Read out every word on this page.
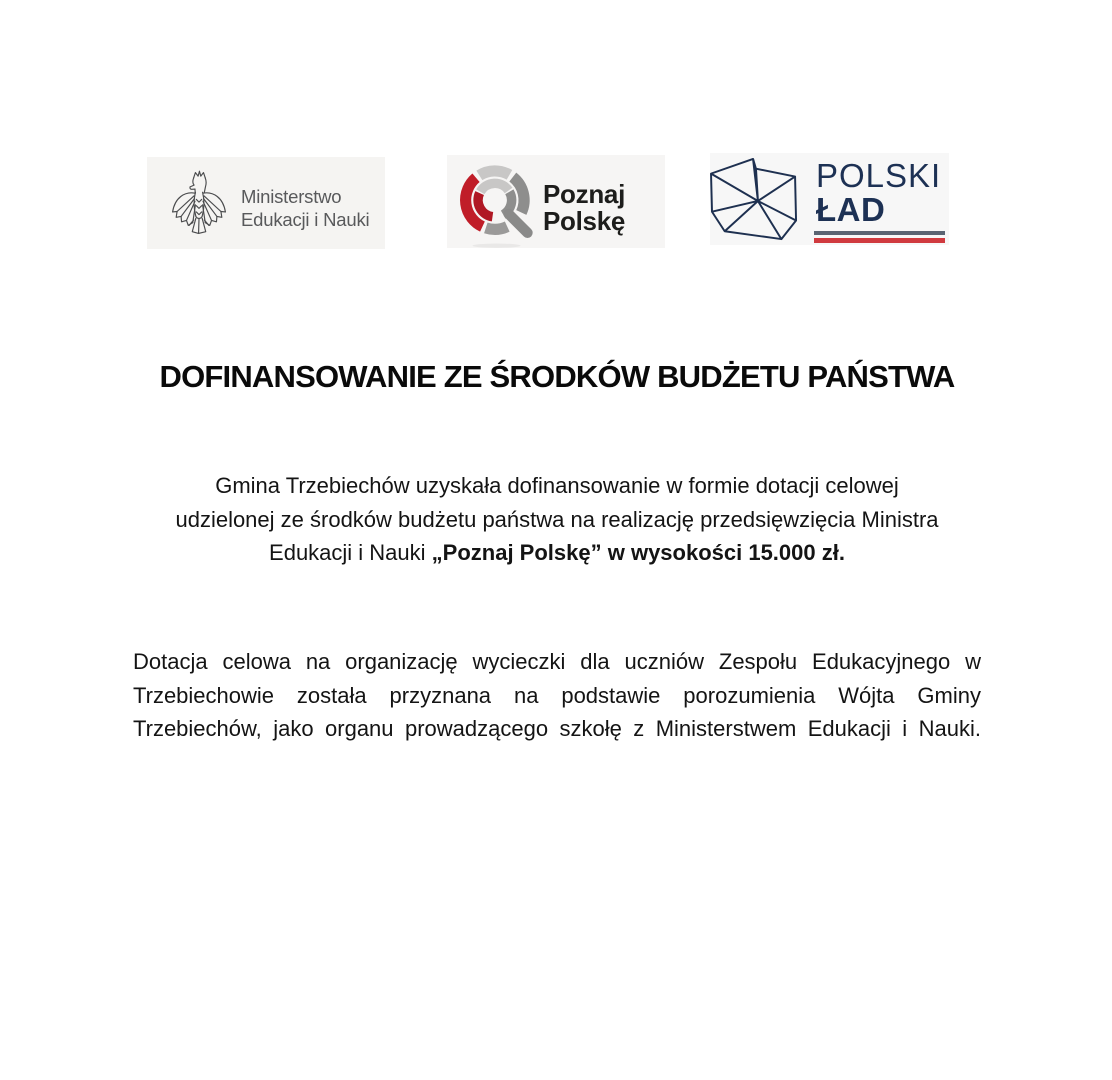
Ministerstwo
Edukacji i Nauki
Poznaj
Polskę
POLSKI
ŁAD
DOFINANSOWANIE ZE ŚRODKÓW BUDŻETU PAŃSTWA
Gmina Trzebiechów uzyskała dofinansowanie w formie dotacji celowej
udzielonej ze środków budżetu państwa na realizację przedsięwzięcia Ministra
Edukacji i Nauki „Poznaj Polskę” w wysokości 15.000 zł.
Dotacja celowa na organizację wycieczki dla uczniów Zespołu Edukacyjnego w
Trzebiechowie została przyznana na podstawie porozumienia Wójta Gminy
Trzebiechów, jako organu prowadzącego szkołę z Ministerstwem Edukacji i Nauki.
